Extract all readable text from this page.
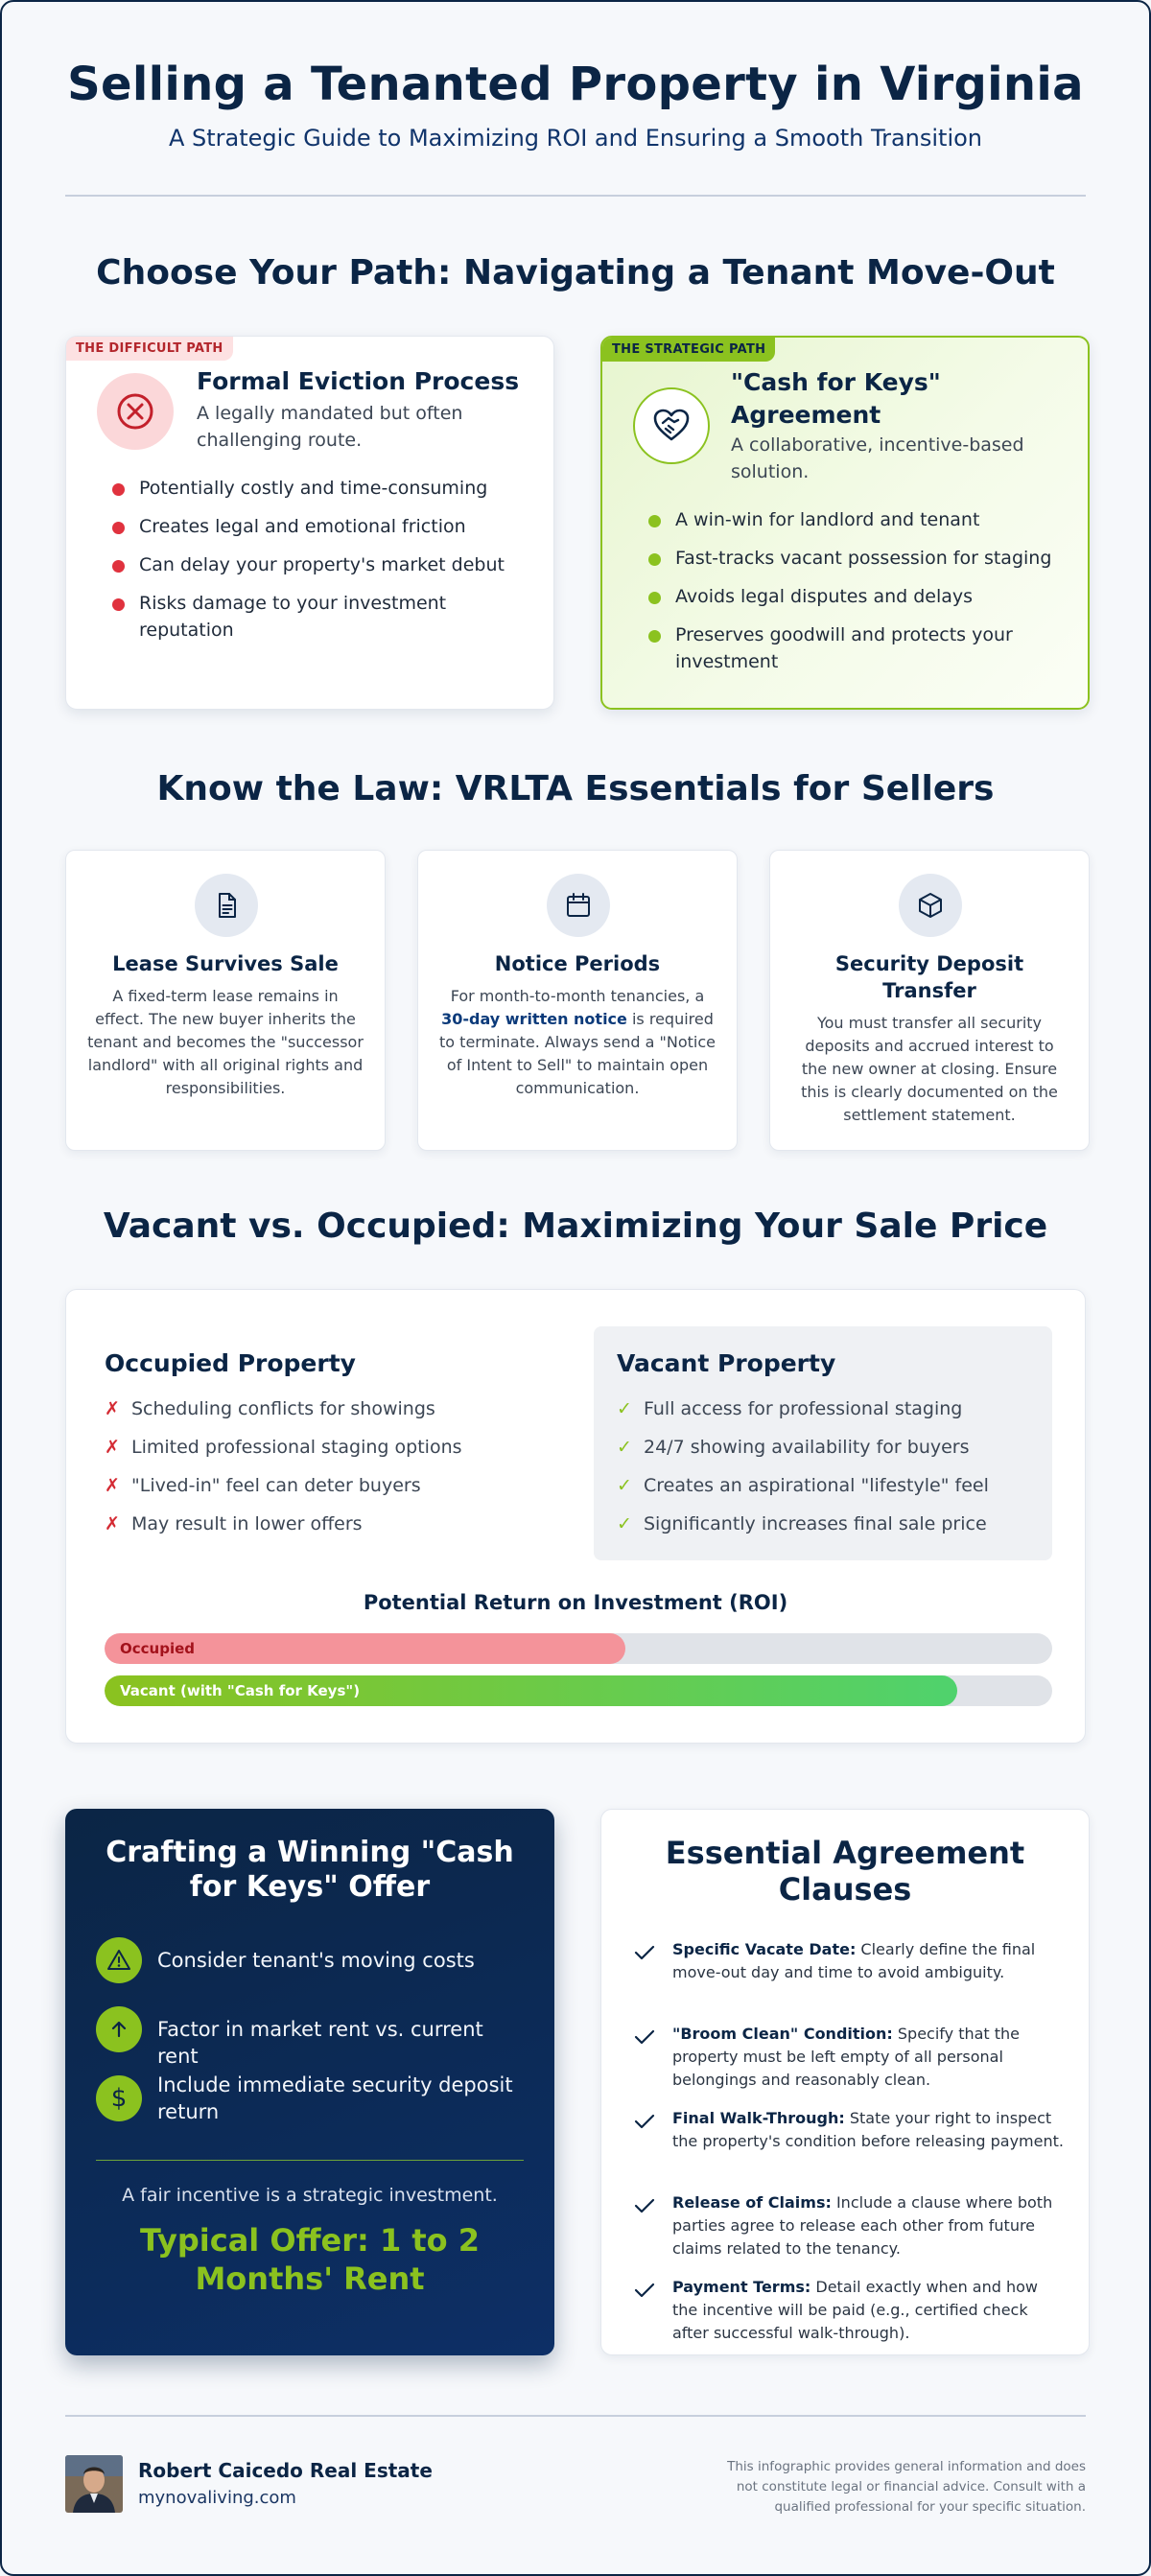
Selling a Tenanted Property in Virginia
A Strategic Guide to Maximizing ROI and Ensuring a Smooth Transition
Choose Your Path: Navigating a Tenant Move-Out
THE DIFFICULT PATH
Formal Eviction Process
A legally mandated but often challenging route.
Potentially costly and time-consuming
Creates legal and emotional friction
Can delay your property's market debut
Risks damage to your investment reputation
THE STRATEGIC PATH
"Cash for Keys" Agreement
A collaborative, incentive-based solution.
A win-win for landlord and tenant
Fast-tracks vacant possession for staging
Avoids legal disputes and delays
Preserves goodwill and protects your investment
Know the Law: VRLTA Essentials for Sellers
Lease Survives Sale
A fixed-term lease remains in effect. The new buyer inherits the tenant and becomes the "successor landlord" with all original rights and responsibilities.
Notice Periods
For month-to-month tenancies, a 30-day written notice is required to terminate. Always send a "Notice of Intent to Sell" to maintain open communication.
Security Deposit Transfer
You must transfer all security deposits and accrued interest to the new owner at closing. Ensure this is clearly documented on the settlement statement.
Vacant vs. Occupied: Maximizing Your Sale Price
Occupied Property
✗ Scheduling conflicts for showings
✗ Limited professional staging options
✗ "Lived-in" feel can deter buyers
✗ May result in lower offers
Vacant Property
✓ Full access for professional staging
✓ 24/7 showing availability for buyers
✓ Creates an aspirational "lifestyle" feel
✓ Significantly increases final sale price
Potential Return on Investment (ROI)
Occupied
Vacant (with "Cash for Keys")
Crafting a Winning "Cash for Keys" Offer
Consider tenant's moving costs
Factor in market rent vs. current rent
$ Include immediate security deposit return
A fair incentive is a strategic investment.
Typical Offer: 1 to 2 Months' Rent
Essential Agreement Clauses
Specific Vacate Date: Clearly define the final move-out day and time to avoid ambiguity.
"Broom Clean" Condition: Specify that the property must be left empty of all personal belongings and reasonably clean.
Final Walk-Through: State your right to inspect the property's condition before releasing payment.
Release of Claims: Include a clause where both parties agree to release each other from future claims related to the tenancy.
Payment Terms: Detail exactly when and how the incentive will be paid (e.g., certified check after successful walk-through).
Robert Caicedo Real Estate
mynovaliving.com
This infographic provides general information and does not constitute legal or financial advice. Consult with a qualified professional for your specific situation.
